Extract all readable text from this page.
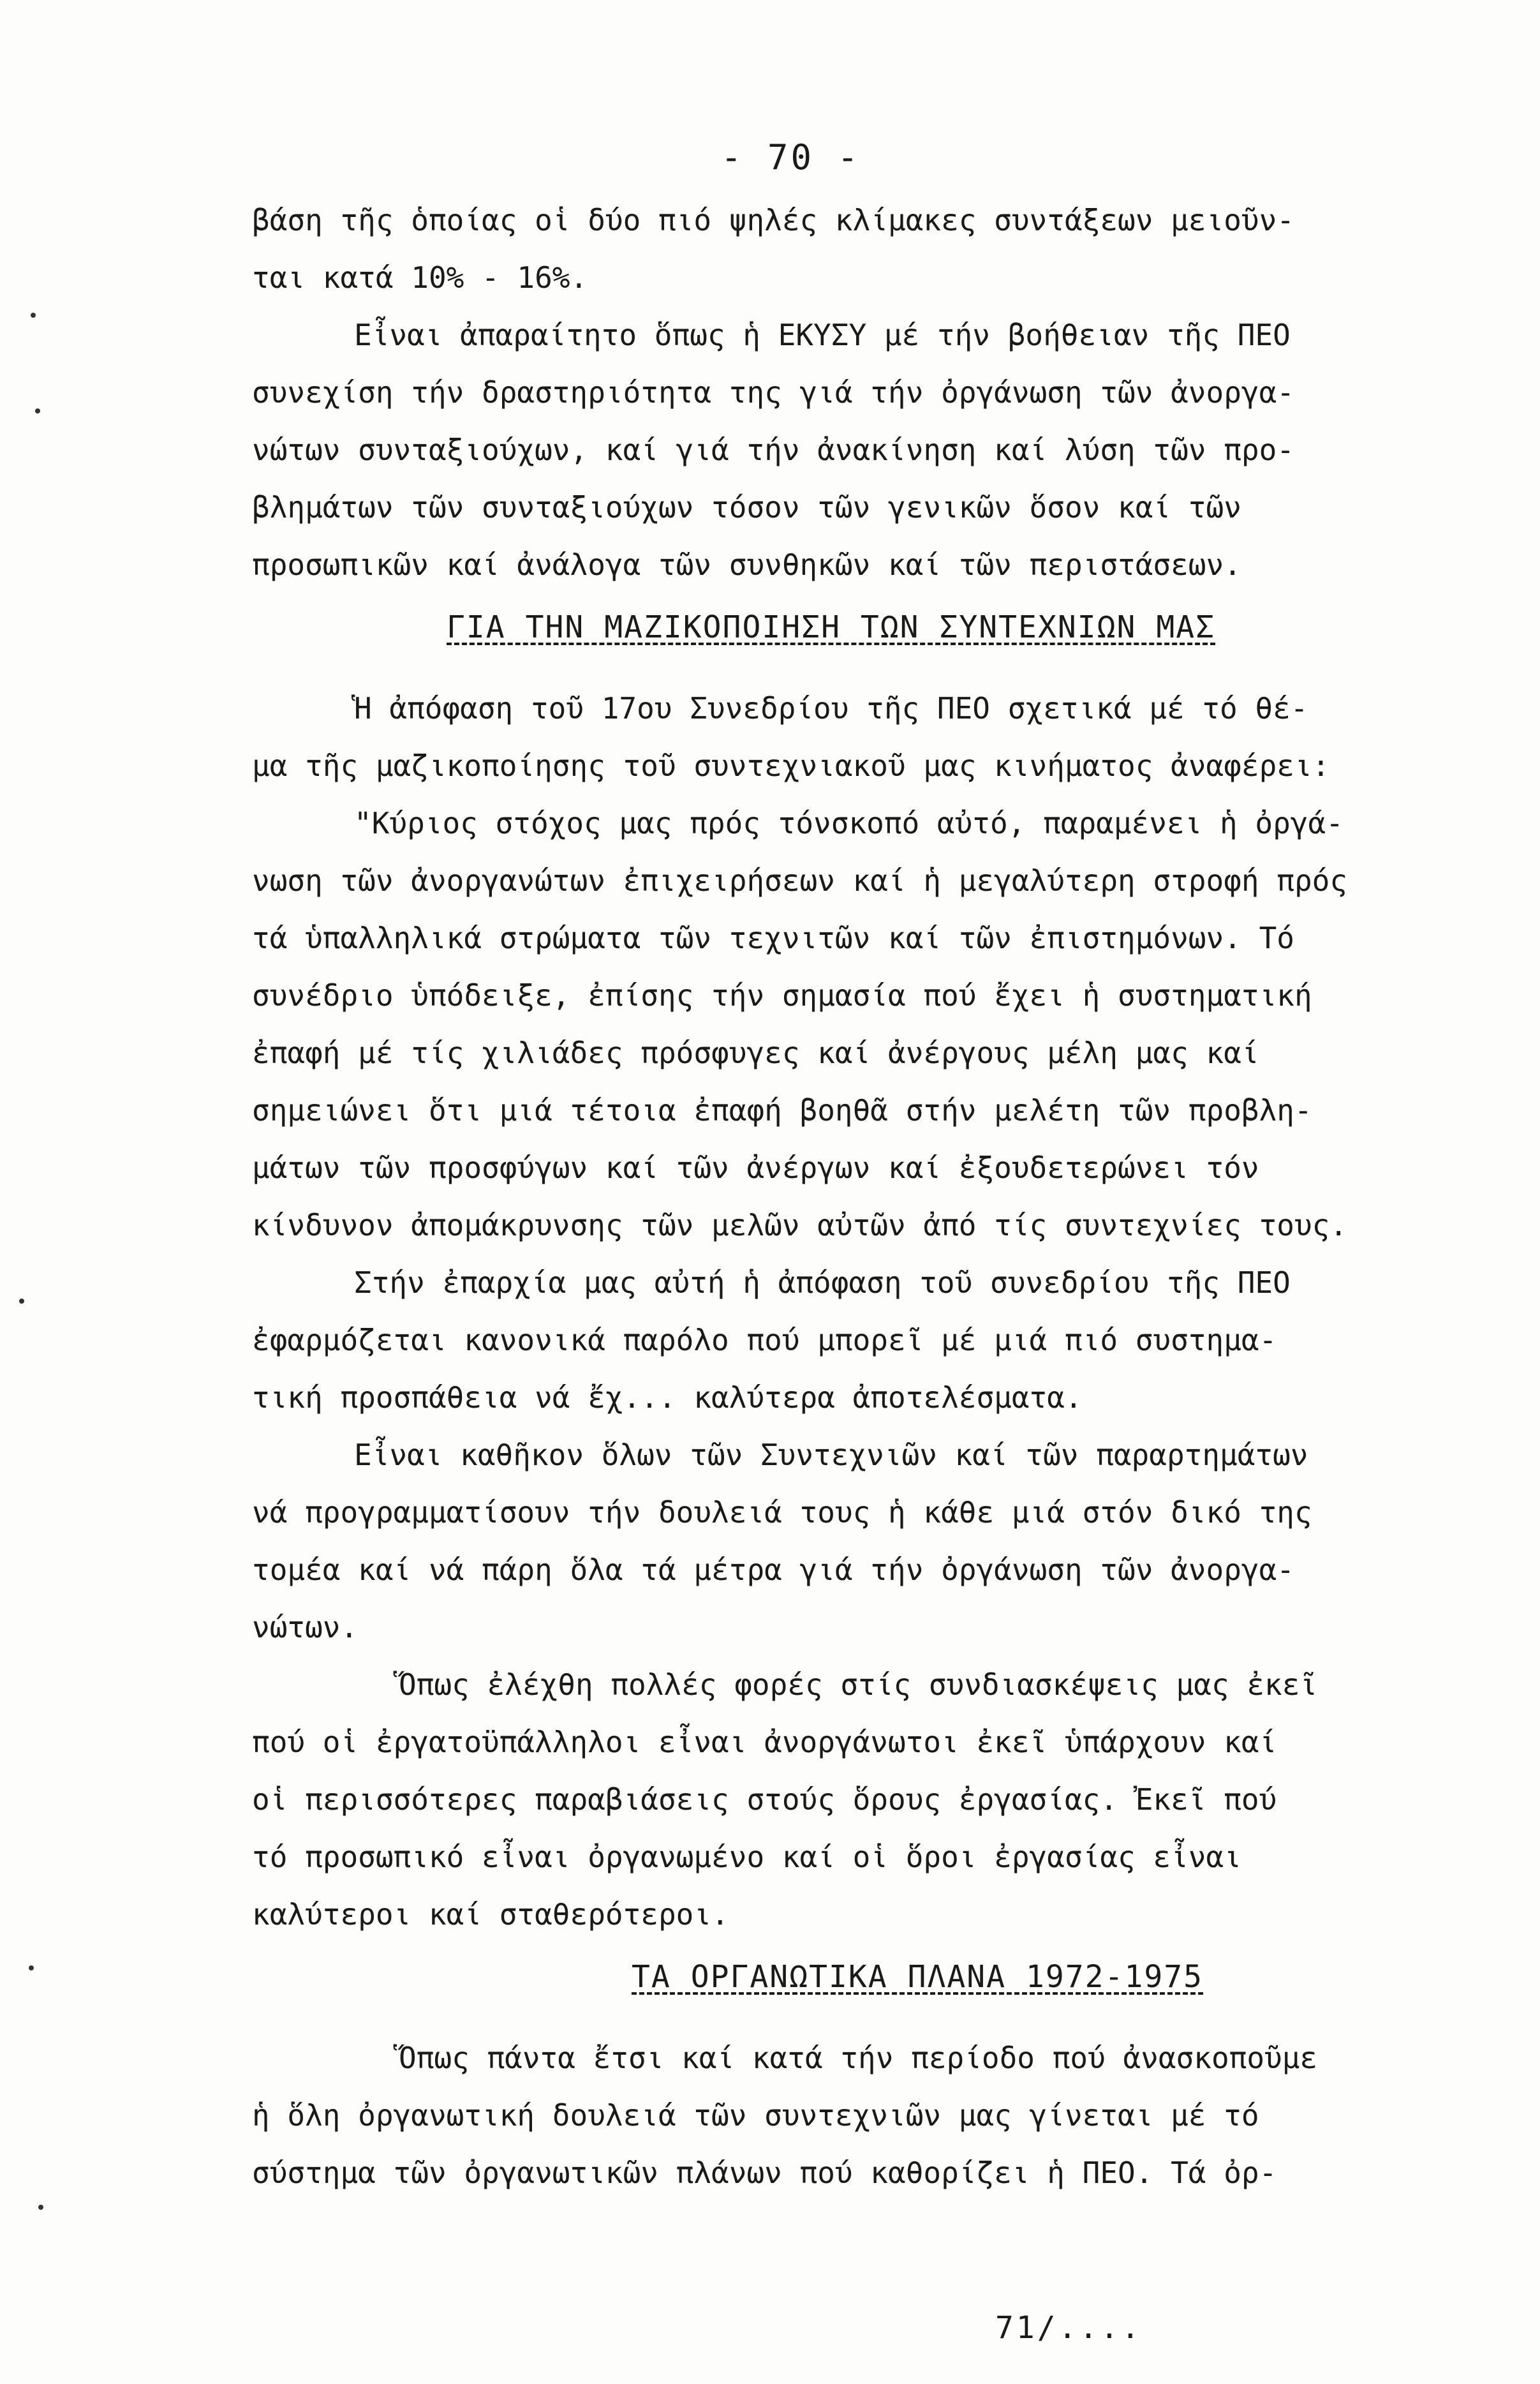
- 70 -
βάση τῆς ὁποίας οἱ δύο πιό ψηλές κλίμακες συντάξεων μειοῦν-
ται κατά 10% - 16%.
Εἶναι ἀπαραίτητο ὅπως ἡ ΕΚΥΣΥ μέ τήν βοήθειαν τῆς ΠΕΟ
συνεχίση τήν δραστηριότητα της γιά τήν ὀργάνωση τῶν ἀνοργα-
νώτων συνταξιούχων, καί γιά τήν ἀνακίνηση καί λύση τῶν προ-
βλημάτων τῶν συνταξιούχων τόσον τῶν γενικῶν ὅσον καί τῶν
προσωπικῶν καί ἀνάλογα τῶν συνθηκῶν καί τῶν περιστάσεων.
ΓΙΑ ΤΗΝ ΜΑΖΙΚΟΠΟΙΗΣΗ ΤΩΝ ΣΥΝΤΕΧΝΙΩΝ ΜΑΣ
Ἡ ἀπόφαση τοῦ 17ου Συνεδρίου τῆς ΠΕΟ σχετικά μέ τό θέ-
μα τῆς μαζικοποίησης τοῦ συντεχνιακοῦ μας κινήματος ἀναφέρει:
"Κύριος στόχος μας πρός τόνσκοπό αὐτό, παραμένει ἡ ὀργά-
νωση τῶν ἀνοργανώτων ἐπιχειρήσεων καί ἡ μεγαλύτερη στροφή πρός
τά ὑπαλληλικά στρώματα τῶν τεχνιτῶν καί τῶν ἐπιστημόνων. Τό
συνέδριο ὑπόδειξε, ἐπίσης τήν σημασία πού ἔχει ἡ συστηματική
ἐπαφή μέ τίς χιλιάδες πρόσφυγες καί ἀνέργους μέλη μας καί
σημειώνει ὅτι μιά τέτοια ἐπαφή βοηθᾶ στήν μελέτη τῶν προβλη-
μάτων τῶν προσφύγων καί τῶν ἀνέργων καί ἐξουδετερώνει τόν
κίνδυνον ἀπομάκρυνσης τῶν μελῶν αὐτῶν ἀπό τίς συντεχνίες τους.
Στήν ἐπαρχία μας αὐτή ἡ ἀπόφαση τοῦ συνεδρίου τῆς ΠΕΟ
ἐφαρμόζεται κανονικά παρόλο πού μπορεῖ μέ μιά πιό συστημα-
τική προσπάθεια νά ἔχ... καλύτερα ἀποτελέσματα.
Εἶναι καθῆκον ὅλων τῶν Συντεχνιῶν καί τῶν παραρτημάτων
νά προγραμματίσουν τήν δουλειά τους ἡ κάθε μιά στόν δικό της
τομέα καί νά πάρη ὅλα τά μέτρα γιά τήν ὀργάνωση τῶν ἀνοργα-
νώτων.
Ὅπως ἐλέχθη πολλές φορές στίς συνδιασκέψεις μας ἐκεῖ
πού οἱ ἐργατοϋπάλληλοι εἶναι ἀνοργάνωτοι ἐκεῖ ὑπάρχουν καί
οἱ περισσότερες παραβιάσεις στούς ὅρους ἐργασίας. Ἐκεῖ πού
τό προσωπικό εἶναι ὀργανωμένο καί οἱ ὅροι ἐργασίας εἶναι
καλύτεροι καί σταθερότεροι.
ΤΑ ΟΡΓΑΝΩΤΙΚΑ ΠΛΑΝΑ 1972-1975
Ὅπως πάντα ἔτσι καί κατά τήν περίοδο πού ἀνασκοποῦμε
ἡ ὅλη ὀργανωτική δουλειά τῶν συντεχνιῶν μας γίνεται μέ τό
σύστημα τῶν ὀργανωτικῶν πλάνων πού καθορίζει ἡ ΠΕΟ. Τά ὀρ-
71/....
